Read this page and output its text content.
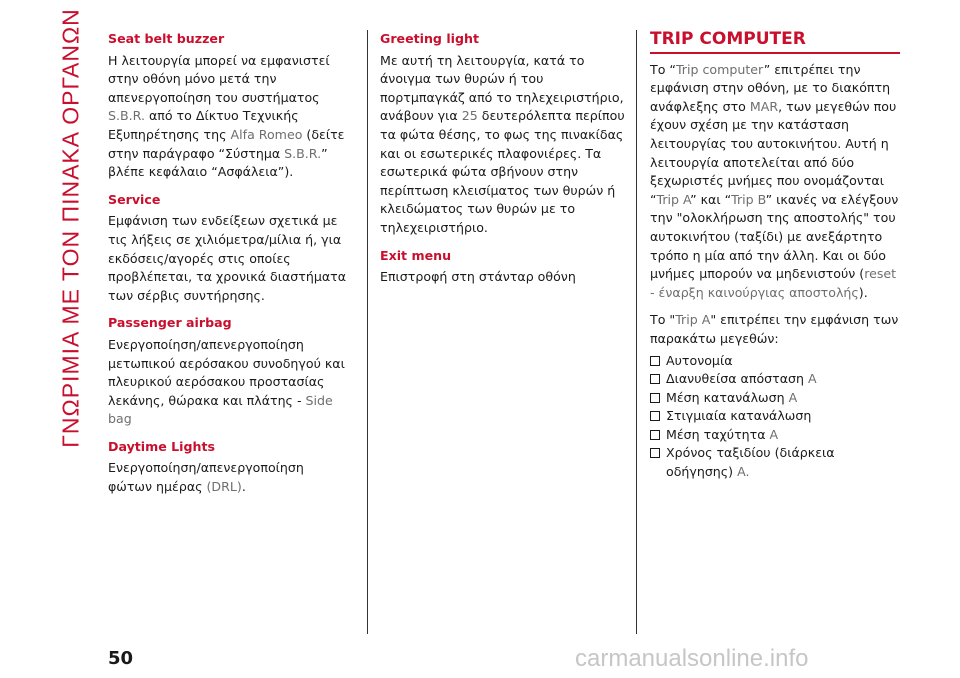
ΓΝΩΡΙΜΙΑ ΜΕ ΤΟΝ ΠΙΝΑΚΑ ΟΡΓΑΝΩΝ Seat belt buzzer

Η λειτουργία μπορεί να εμφανιστεί στην οθόνη μόνο μετά την απενεργοποίηση του συστήματος S.B.R. από το Δίκτυο Τεχνικής Εξυπηρέτησης της Alfa Romeo (δείτε στην παράγραφο “Σύστημα S.B.R.” βλέπε κεφάλαιο “Ασφάλεια”).

Service

Εμφάνιση των ενδείξεων σχετικά με τις λήξεις σε χιλιόμετρα/μίλια ή, για εκδόσεις/αγορές στις οποίες προβλέπεται, τα χρονικά διαστήματα των σέρβις συντήρησης.

Passenger airbag

Ενεργοποίηση/απενεργοποίηση μετωπικού αερόσακου συνοδηγού και πλευρικού αερόσακου προστασίας λεκάνης, θώρακα και πλάτης - Side bag

Daytime Lights

Ενεργοποίηση/απενεργοποίηση φώτων ημέρας (DRL).

Greeting light

Με αυτή τη λειτουργία, κατά το άνοιγμα των θυρών ή του πορτμπαγκάζ από το τηλεχειριστήριο, ανάβουν για 25 δευτερόλεπτα περίπου τα φώτα θέσης, το φως της πινακίδας και οι εσωτερικές πλαφονιέρες. Τα εσωτερικά φώτα σβήνουν στην περίπτωση κλεισίματος των θυρών ή κλειδώματος των θυρών με το τηλεχειριστήριο.

Exit menu

Επιστροφή στη στάνταρ οθόνη

TRIP COMPUTER

Το “Trip computer” επιτρέπει την εμφάνιση στην οθόνη, με το διακόπτη ανάφλεξης στο MAR, των μεγεθών που έχουν σχέση με την κατάσταση λειτουργίας του αυτοκινήτου. Αυτή η λειτουργία αποτελείται από δύο ξεχωριστές μνήμες που ονομάζονται “Trip A” και “Trip B” ικανές να ελέγξουν την "ολοκλήρωση της αποστολής" του αυτοκινήτου (ταξίδι) με ανεξάρτητο τρόπο η μία από την άλλη. Και οι δύο μνήμες μπορούν να μηδενιστούν (reset - έναρξη καινούργιας αποστολής).

Το "Trip A" επιτρέπει την εμφάνιση των παρακάτω μεγεθών:

Αυτονομία
Διανυθείσα απόσταση A
Μέση κατανάλωση A
Στιγμιαία κατανάλωση
Μέση ταχύτητα A
Χρόνος ταξιδίου (διάρκεια οδήγησης) A.
50	carmanualsonline.info
